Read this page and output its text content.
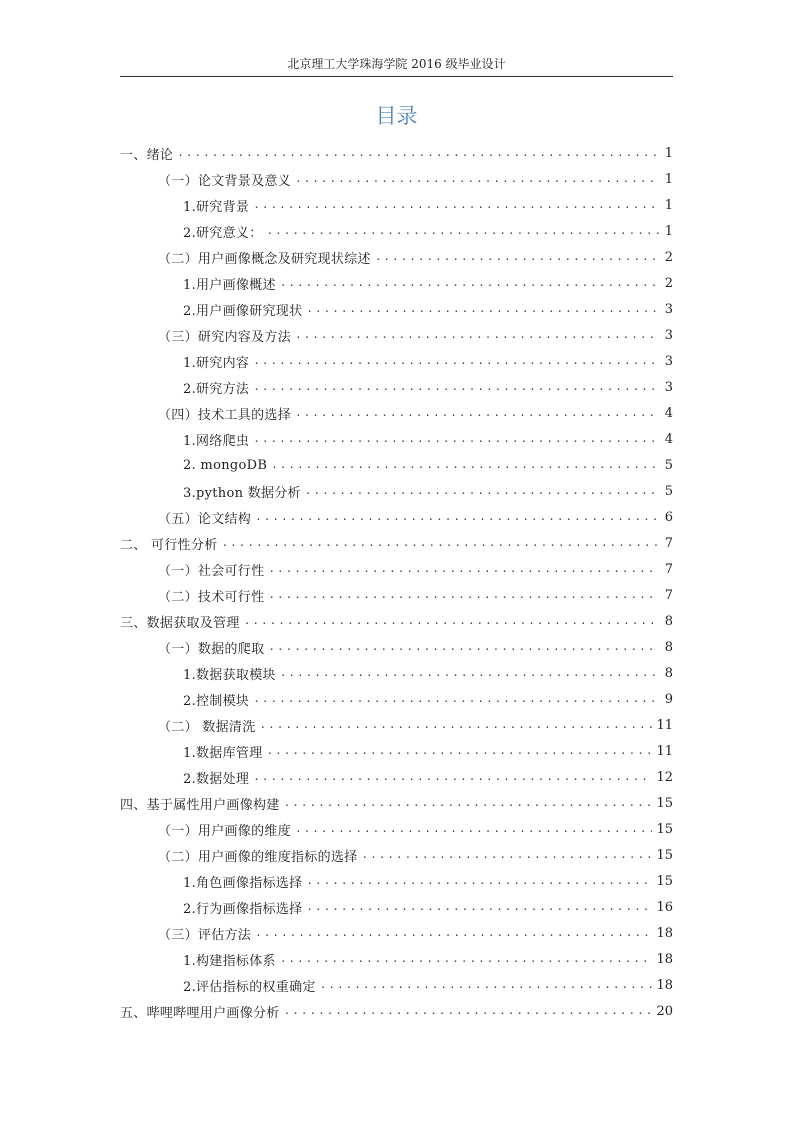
北京理工大学珠海学院 2016 级毕业设计
目录
一、绪论 .....	1
（一）论文背景及意义 .....	1
1.研究背景 .....	1
2.研究意义： .....	1
（二）用户画像概念及研究现状综述 .....	2
1.用户画像概述 .....	2
2.用户画像研究现状 .....	3
（三）研究内容及方法 .....	3
1.研究内容 .....	3
2.研究方法 .....	3
（四）技术工具的选择 .....	4
1.网络爬虫 .....	4
2. mongoDB .....	5
3.python 数据分析 .....	5
（五）论文结构 .....	6
二、 可行性分析 .....	7
（一）社会可行性 .....	7
（二）技术可行性 .....	7
三、数据获取及管理 .....	8
（一）数据的爬取 .....	8
1.数据获取模块 .....	8
2.控制模块 .....	9
（二） 数据清洗 .....	11
1.数据库管理 .....	11
2.数据处理 .....	12
四、基于属性用户画像构建 .....	15
（一）用户画像的维度 .....	15
（二）用户画像的维度指标的选择 .....	15
1.角色画像指标选择 .....	15
2.行为画像指标选择 .....	16
（三）评估方法 .....	18
1.构建指标体系 .....	18
2.评估指标的权重确定 .....	18
五、哔哩哔哩用户画像分析 .....	20
